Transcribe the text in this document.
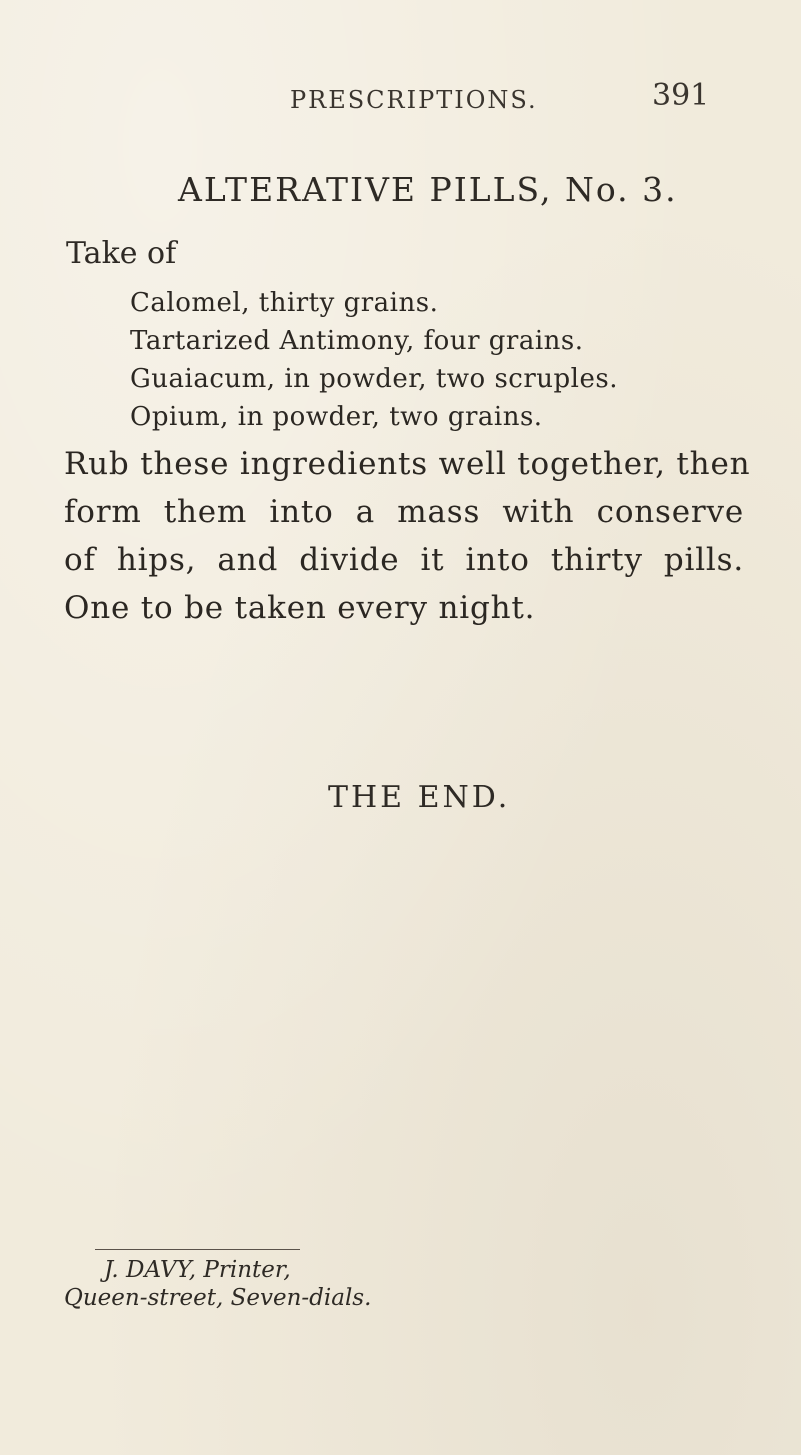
PRESCRIPTIONS.	391
ALTERATIVE PILLS, No. 3.
Take of
Calomel, thirty grains.
Tartarized Antimony, four grains.
Guaiacum, in powder, two scruples.
Opium, in powder, two grains.

Rub these ingredients well together, then
form them into a mass with conserve
of hips, and divide it into thirty pills.
One to be taken every night.

THE END.
J. DAVY, Printer,
Queen-street, Seven-dials.
